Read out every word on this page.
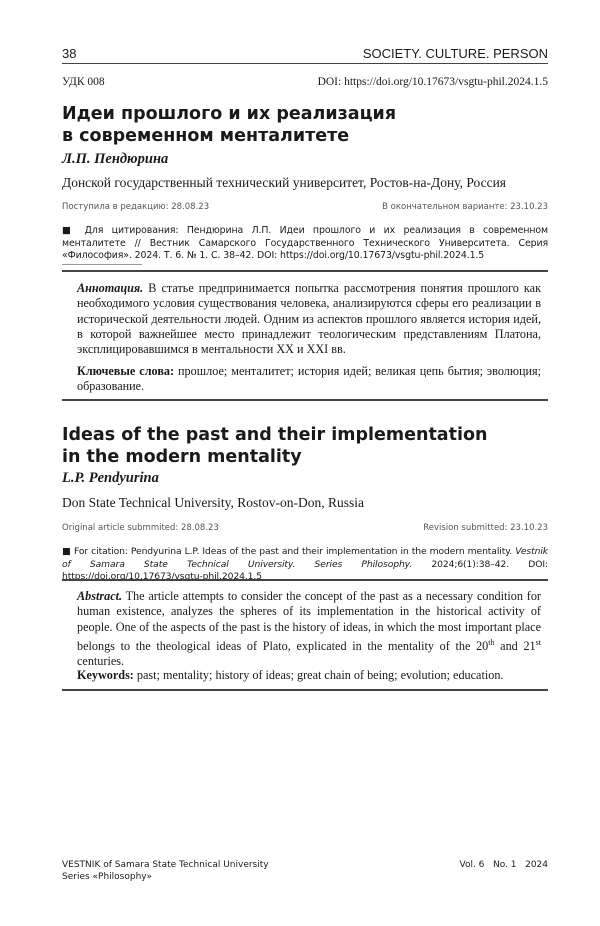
38	SOCIETY. CULTURE. PERSON
УДК 008	DOI: https://doi.org/10.17673/vsgtu-phil.2024.1.5
Идеи прошлого и их реализация
в современном менталитете
Л.П. Пендюрина
Донской государственный технический университет, Ростов-на-Дону, Россия
Поступила в редакцию: 28.08.23	В окончательном варианте: 23.10.23
■ Для цитирования: Пендюрина Л.П. Идеи прошлого и их реализация в современном менталитете // Вестник Самарского Государственного Технического Университета. Серия «Философия». 2024. Т. 6. № 1. С. 38–42. DOI: https://doi.org/10.17673/vsgtu-phil.2024.1.5
Аннотация. В статье предпринимается попытка рассмотрения понятия прошлого как необходимого условия существования человека, анализируются сферы его реализации в исторической деятельности людей. Одним из аспектов прошлого является история идей, в которой важнейшее место принадлежит теологическим представлениям Платона, эксплицировавшимся в ментальности XX и XXI вв.
Ключевые слова: прошлое; менталитет; история идей; великая цепь бытия; эволюция; образование.
Ideas of the past and their implementation
in the modern mentality
L.P. Pendyurina
Don State Technical University, Rostov-on-Don, Russia
Original article submmited: 28.08.23	Revision submitted: 23.10.23
■ For citation: Pendyurina L.P. Ideas of the past and their implementation in the modern mentality. Vestnik of Samara State Technical University. Series Philosophy. 2024;6(1):38–42. DOI: https://doi.org/10.17673/vsgtu-phil.2024.1.5
Abstract. The article attempts to consider the concept of the past as a necessary condition for human existence, analyzes the spheres of its implementation in the historical activity of people. One of the aspects of the past is the history of ideas, in which the most important place belongs to the theological ideas of Plato, explicated in the mentality of the 20th and 21st centuries.
Keywords: past; mentality; history of ideas; great chain of being; evolution; education.
VESTNIK of Samara State Technical University
Series «Philosophy»
Vol. 6   No. 1   2024
